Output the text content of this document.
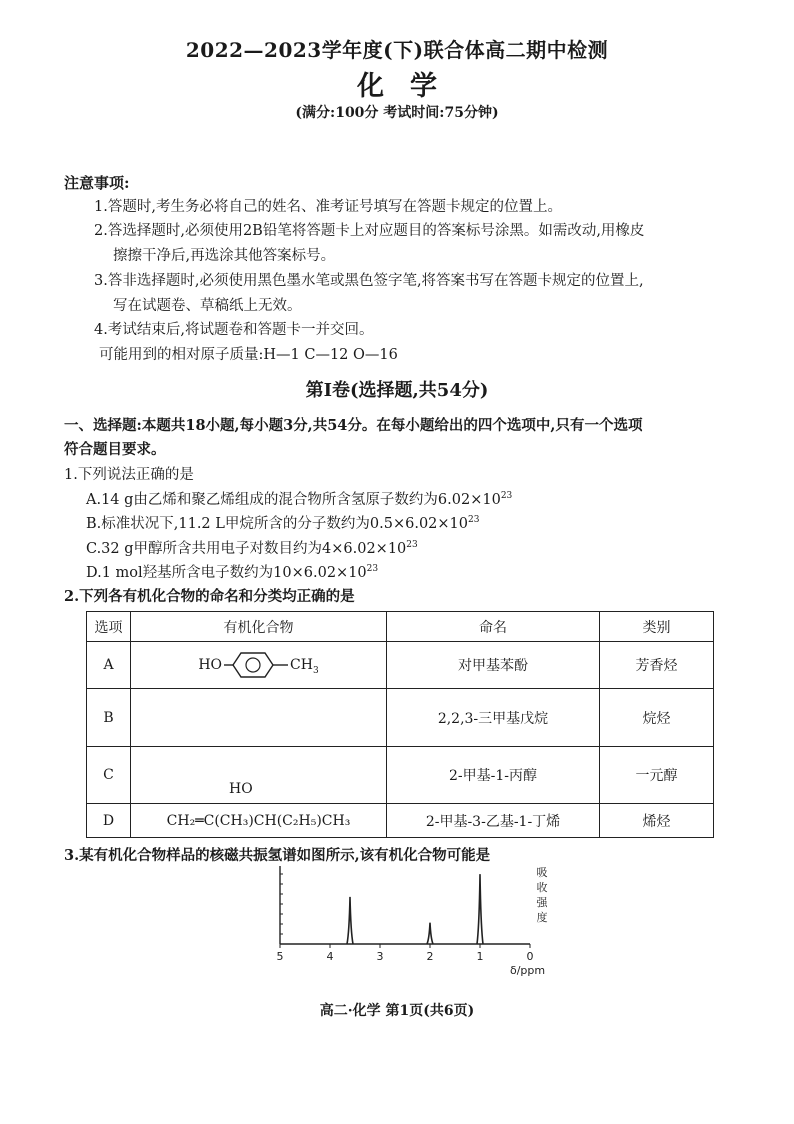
2022—2023学年度(下)联合体高二期中检测
化学
(满分:100分 考试时间:75分钟)
注意事项:
1.答题时,考生务必将自己的姓名、准考证号填写在答题卡规定的位置上。
2.答选择题时,必须使用2B铅笔将答题卡上对应题目的答案标号涂黑。如需改动,用橡皮
擦擦干净后,再选涂其他答案标号。
3.答非选择题时,必须使用黑色墨水笔或黑色签字笔,将答案书写在答题卡规定的位置上,
写在试题卷、草稿纸上无效。
4.考试结束后,将试题卷和答题卡一并交回。
可能用到的相对原子质量:H—1 C—12 O—16
第Ⅰ卷(选择题,共54分)
一、选择题:本题共18小题,每小题3分,共54分。在每小题给出的四个选项中,只有一个选项
符合题目要求。
1.下列说法正确的是
A.14 g由乙烯和聚乙烯组成的混合物所含氢原子数约为$6.02\times 10^{23}$
B.标准状况下,11.2 L甲烷所含的分子数约为$0.5\times 6.02\times 10^{23}$
C.32 g甲醇所含共用电子对数目约为$4\times 6.02\times 10^{23}$
D.1 mol羟基所含电子数约为$10\times 6.02\times 10^{23}$
2.下列各有机化合物的命名和分类均正确的是
选项	有机化合物	命名	类别
A	HO $CH_3$	对甲基苯酚	芳香烃
B		2,2,3-三甲基戊烷	烷烃
C	HO	2-甲基-1-丙醇	一元醇
D	CH₂═C(CH₃)CH(C₂H₅)CH₃	2-甲基-3-乙基-1-丁烯	烯烃
3.某有机化合物样品的核磁共振氢谱如图所示,该有机化合物可能是
5	4	3	2	1	0
吸
收
强
度
δ/ppm
高二·化学 第1页(共6页)
